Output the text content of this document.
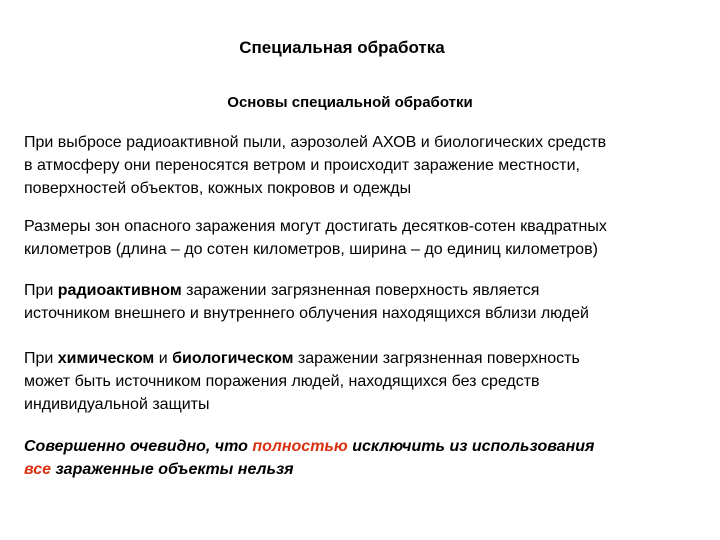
Специальная обработка
Основы специальной обработки

При выбросе радиоактивной пыли, аэрозолей АХОВ и биологических средств
в атмосферу они переносятся ветром и происходит заражение местности,
поверхностей объектов, кожных покровов и одежды

Размеры зон опасного заражения могут достигать десятков-сотен квадратных
километров (длина – до сотен километров, ширина – до единиц километров)

При радиоактивном заражении загрязненная поверхность является
источником внешнего и внутреннего облучения находящихся вблизи людей

При химическом и биологическом заражении загрязненная поверхность
может быть источником поражения людей, находящихся без средств
индивидуальной защиты

Совершенно очевидно, что полностью исключить из использования
все зараженные объекты нельзя
